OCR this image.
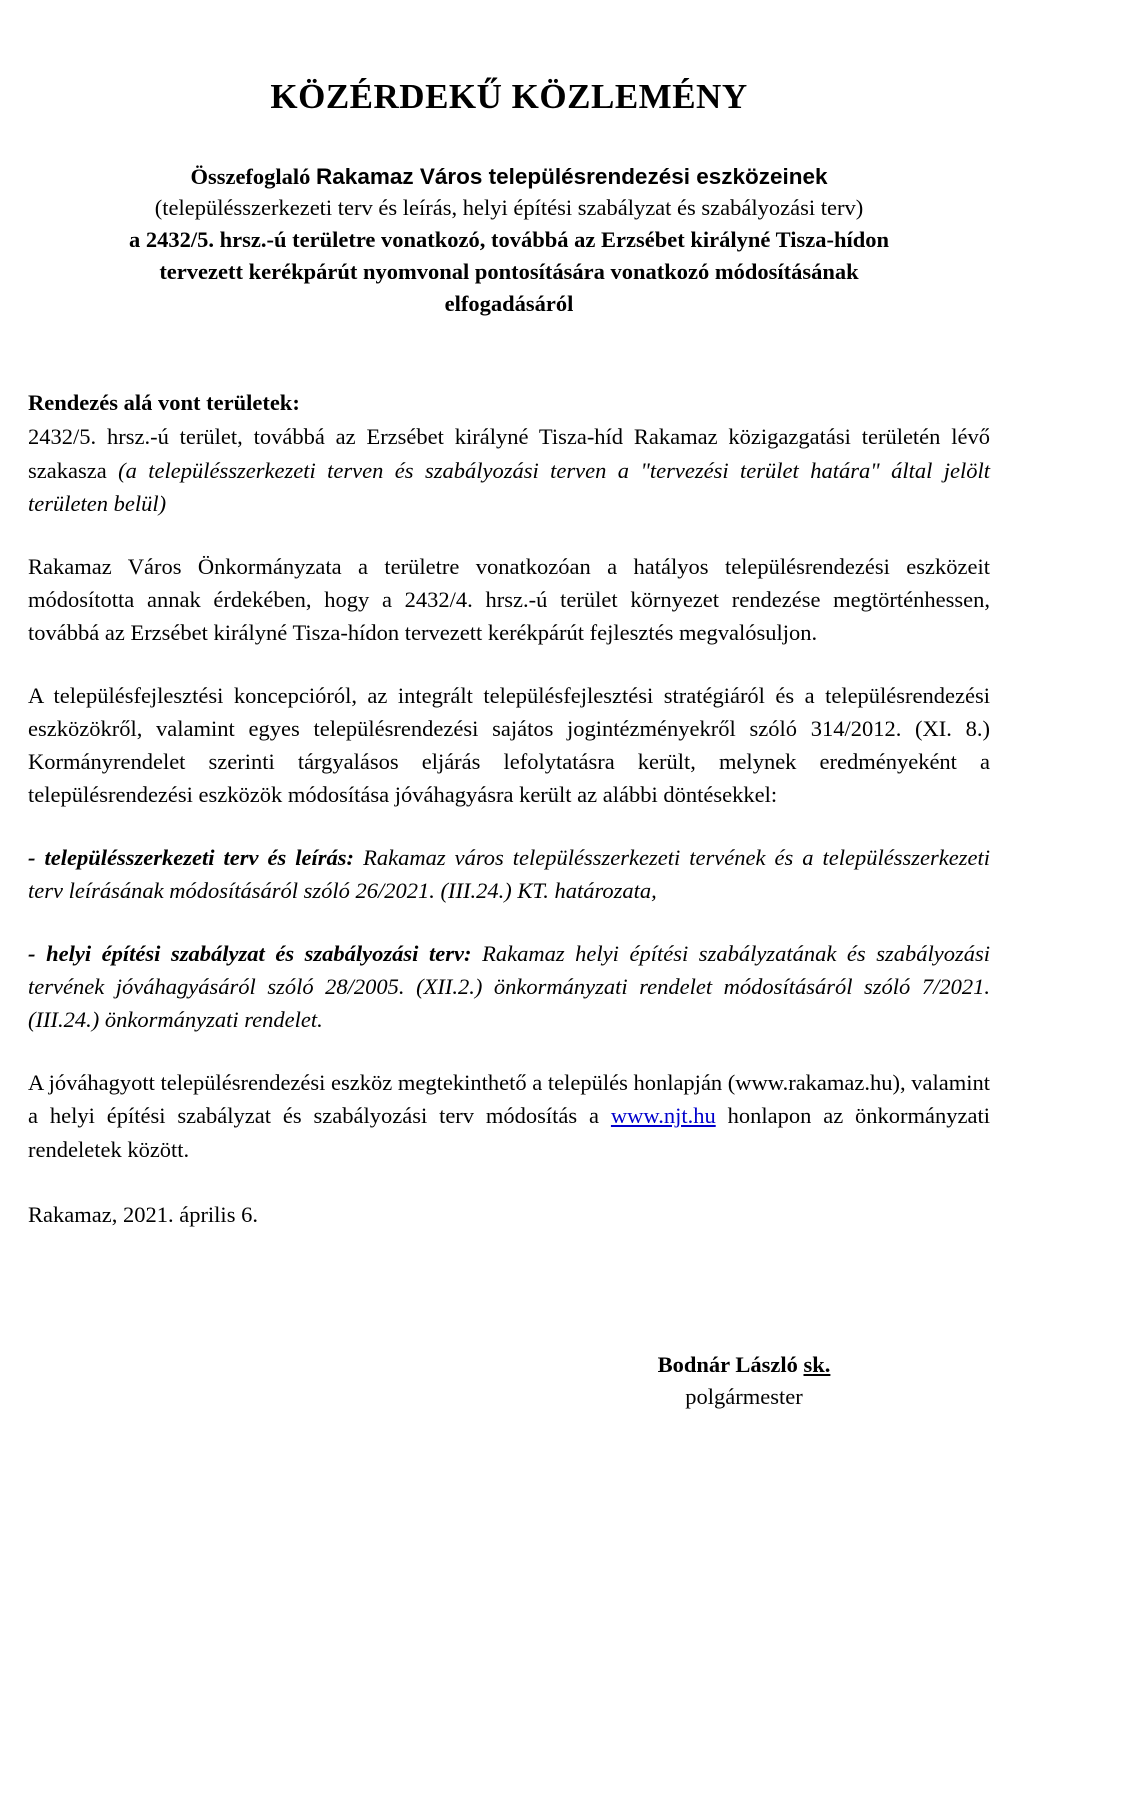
KÖZÉRDEKŰ KÖZLEMÉNY
Összefoglaló Rakamaz Város településrendezési eszközeinek
(településszerkezeti terv és leírás, helyi építési szabályzat és szabályozási terv)
a 2432/5. hrsz.-ú területre vonatkozó, továbbá az Erzsébet királyné Tisza-hídon
tervezett kerékpárút nyomvonal pontosítására vonatkozó módosításának
elfogadásáról
Rendezés alá vont területek:

2432/5. hrsz.-ú terület, továbbá az Erzsébet királyné Tisza-híd Rakamaz közigazgatási területén lévő szakasza (a településszerkezeti terven és szabályozási terven a "tervezési terület határa" által jelölt területen belül)

Rakamaz Város Önkormányzata a területre vonatkozóan a hatályos településrendezési eszközeit módosította annak érdekében, hogy a 2432/4. hrsz.-ú terület környezet rendezése megtörténhessen, továbbá az Erzsébet királyné Tisza-hídon tervezett kerékpárút fejlesztés megvalósuljon.

A településfejlesztési koncepcióról, az integrált településfejlesztési stratégiáról és a településrendezési eszközökről, valamint egyes településrendezési sajátos jogintézményekről szóló 314/2012. (XI. 8.) Kormányrendelet szerinti tárgyalásos eljárás lefolytatásra került, melynek eredményeként a településrendezési eszközök módosítása jóváhagyásra került az alábbi döntésekkel:

- településszerkezeti terv és leírás: Rakamaz város településszerkezeti tervének és a településszerkezeti terv leírásának módosításáról szóló 26/2021. (III.24.) KT. határozata,

- helyi építési szabályzat és szabályozási terv: Rakamaz helyi építési szabályzatának és szabályozási tervének jóváhagyásáról szóló 28/2005. (XII.2.) önkormányzati rendelet módosításáról szóló 7/2021. (III.24.) önkormányzati rendelet.

A jóváhagyott településrendezési eszköz megtekinthető a település honlapján (www.rakamaz.hu), valamint a helyi építési szabályzat és szabályozási terv módosítás a www.njt.hu honlapon az önkormányzati rendeletek között.

Rakamaz, 2021. április 6.

Bodnár László sk.
polgármester
